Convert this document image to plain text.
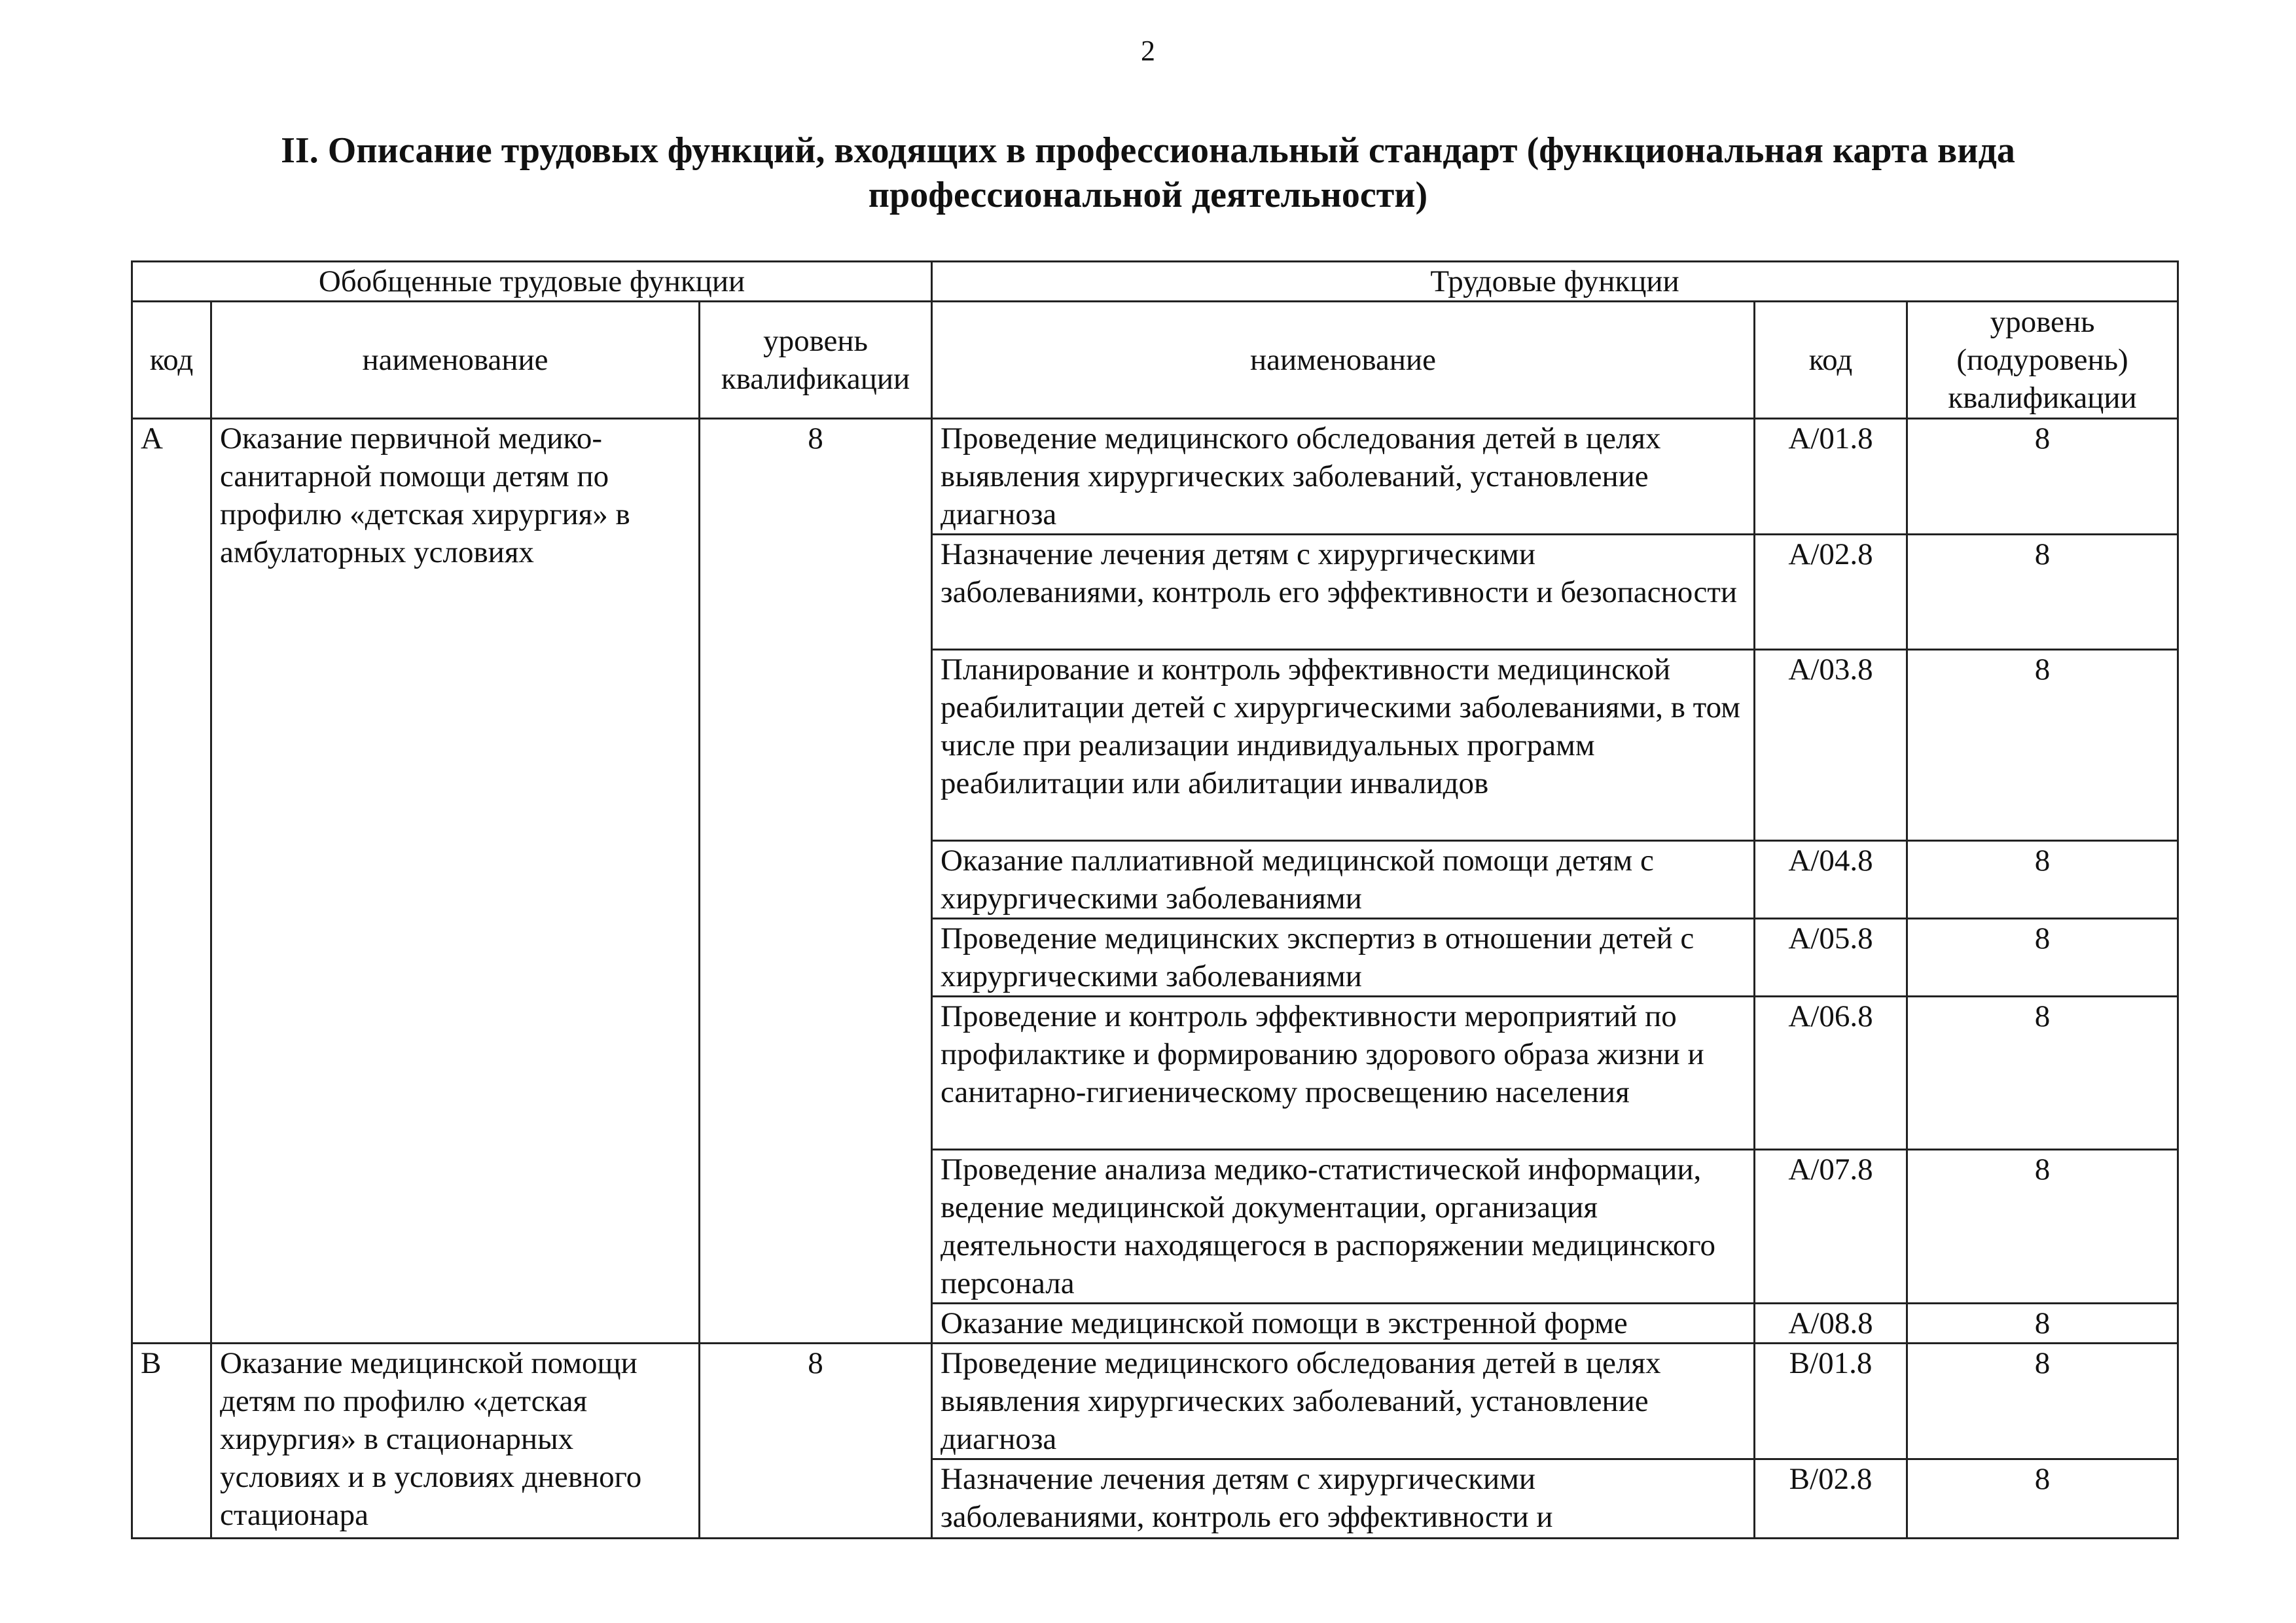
2
II. Описание трудовых функций, входящих в профессиональный стандарт (функциональная карта вида профессиональной деятельности)
Обобщенные трудовые функции			Трудовые функции		
код	наименование	уровень квалификации	наименование	код	уровень (подуровень) квалификации
A	Оказание первичной медико-санитарной помощи детям по профилю «детская хирургия» в амбулаторных условиях	8	Проведение медицинского обследования детей в целях выявления хирургических заболеваний, установление диагноза	A/01.8	8
			Назначение лечения детям с хирургическими заболеваниями, контроль его эффективности и безопасности	A/02.8	8
			Планирование и контроль эффективности медицинской реабилитации детей с хирургическими заболеваниями, в том числе при реализации индивидуальных программ реабилитации или абилитации инвалидов	A/03.8	8
			Оказание паллиативной медицинской помощи детям с хирургическими заболеваниями	A/04.8	8
			Проведение медицинских экспертиз в отношении детей с хирургическими заболеваниями	A/05.8	8
			Проведение и контроль эффективности мероприятий по профилактике и формированию здорового образа жизни и санитарно-гигиеническому просвещению населения	A/06.8	8
			Проведение анализа медико-статистической информации, ведение медицинской документации, организация деятельности находящегося в распоряжении медицинского персонала	A/07.8	8
			Оказание медицинской помощи в экстренной форме	A/08.8	8
B	Оказание медицинской помощи детям по профилю «детская хирургия» в стационарных условиях и в условиях дневного стационара	8	Проведение медицинского обследования детей в целях выявления хирургических заболеваний, установление диагноза	B/01.8	8
			Назначение лечения детям с хирургическими заболеваниями, контроль его эффективности и	B/02.8	8
